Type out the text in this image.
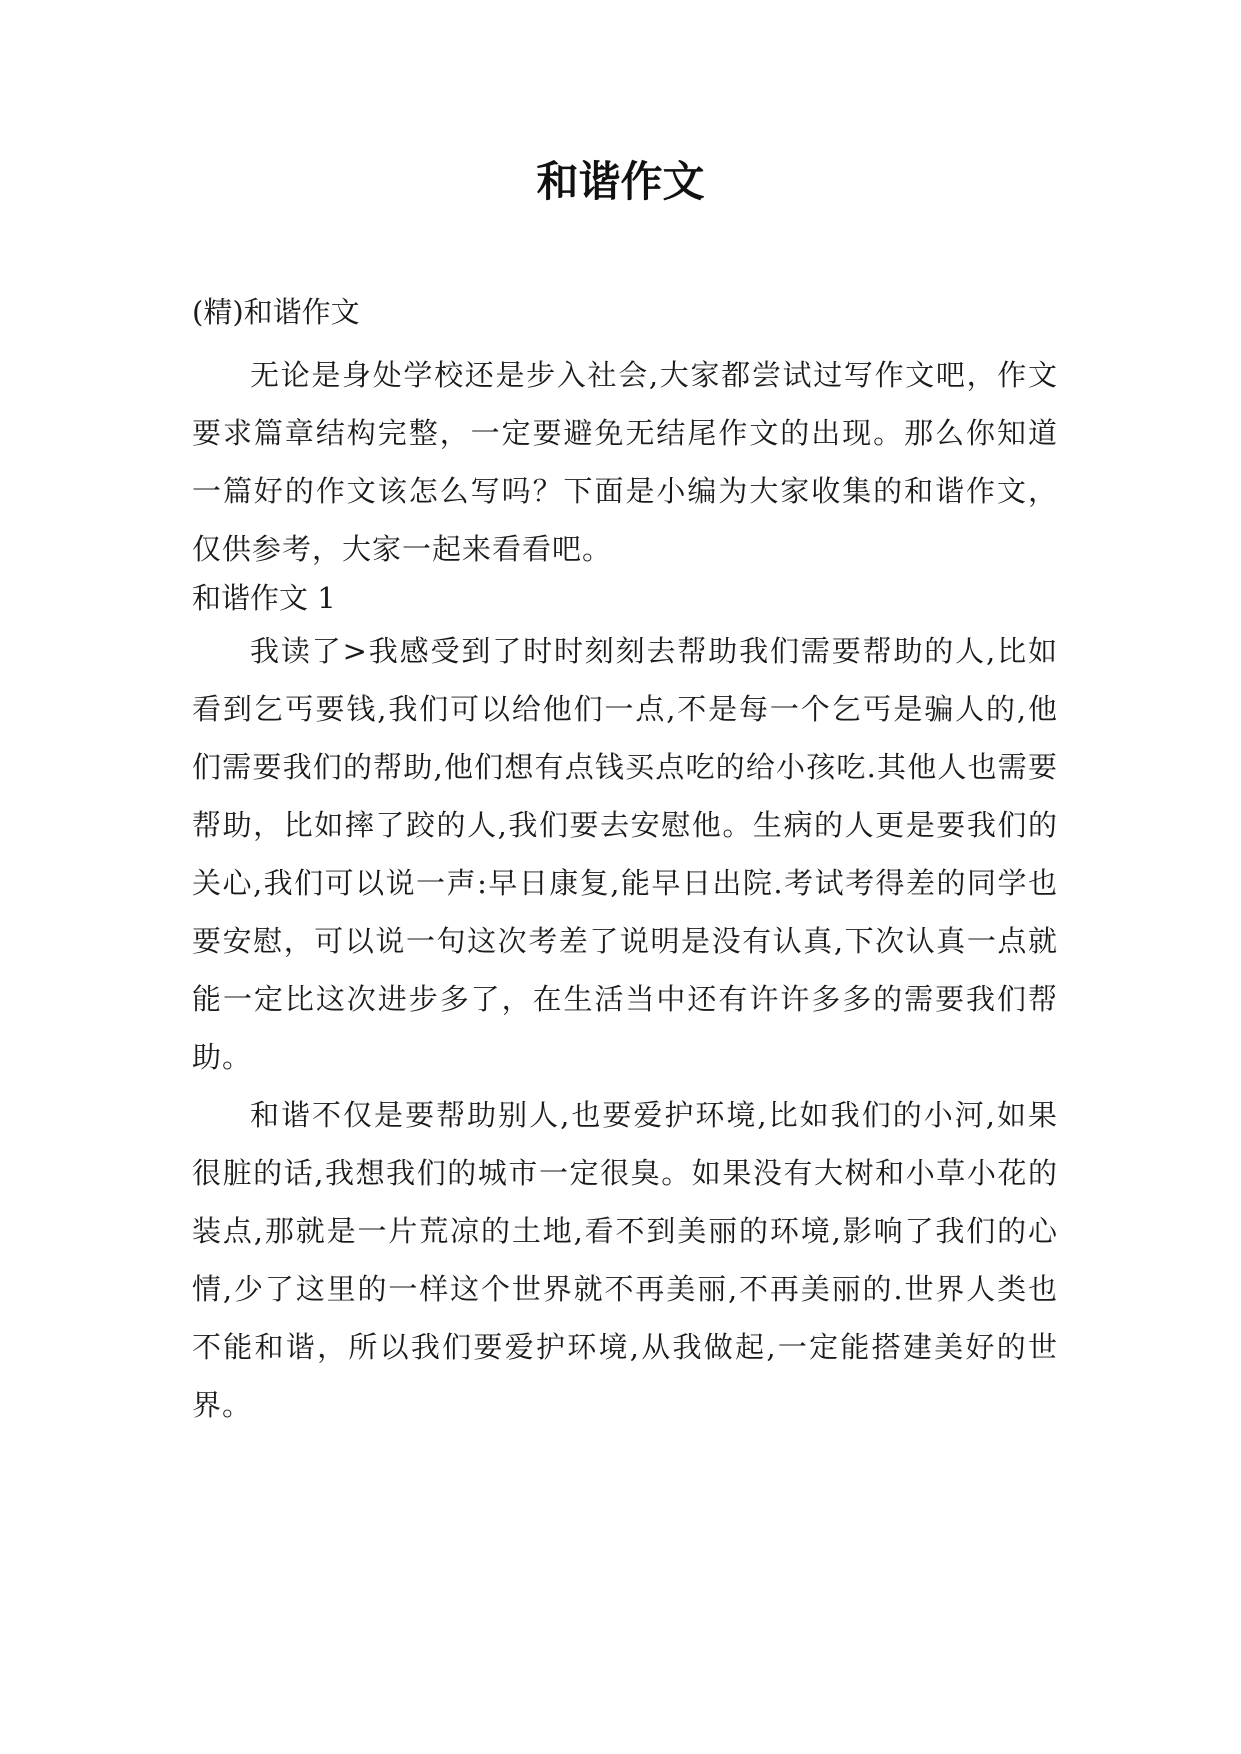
和谐作文
(精)和谐作文
无论是身处学校还是步入社会,大家都尝试过写作文吧，作文要求篇章结构完整，一定要避免无结尾作文的出现。那么你知道一篇好的作文该怎么写吗？下面是小编为大家收集的和谐作文，仅供参考，大家一起来看看吧。
和谐作文 1
我读了>我感受到了时时刻刻去帮助我们需要帮助的人,比如看到乞丐要钱,我们可以给他们一点,不是每一个乞丐是骗人的,他们需要我们的帮助,他们想有点钱买点吃的给小孩吃.其他人也需要帮助，比如摔了跤的人,我们要去安慰他。生病的人更是要我们的关心,我们可以说一声:早日康复,能早日出院.考试考得差的同学也要安慰，可以说一句这次考差了说明是没有认真,下次认真一点就能一定比这次进步多了，在生活当中还有许许多多的需要我们帮助。
和谐不仅是要帮助别人,也要爱护环境,比如我们的小河,如果很脏的话,我想我们的城市一定很臭。如果没有大树和小草小花的装点,那就是一片荒凉的土地,看不到美丽的环境,影响了我们的心情,少了这里的一样这个世界就不再美丽,不再美丽的.世界人类也不能和谐，所以我们要爱护环境,从我做起,一定能搭建美好的世界。
